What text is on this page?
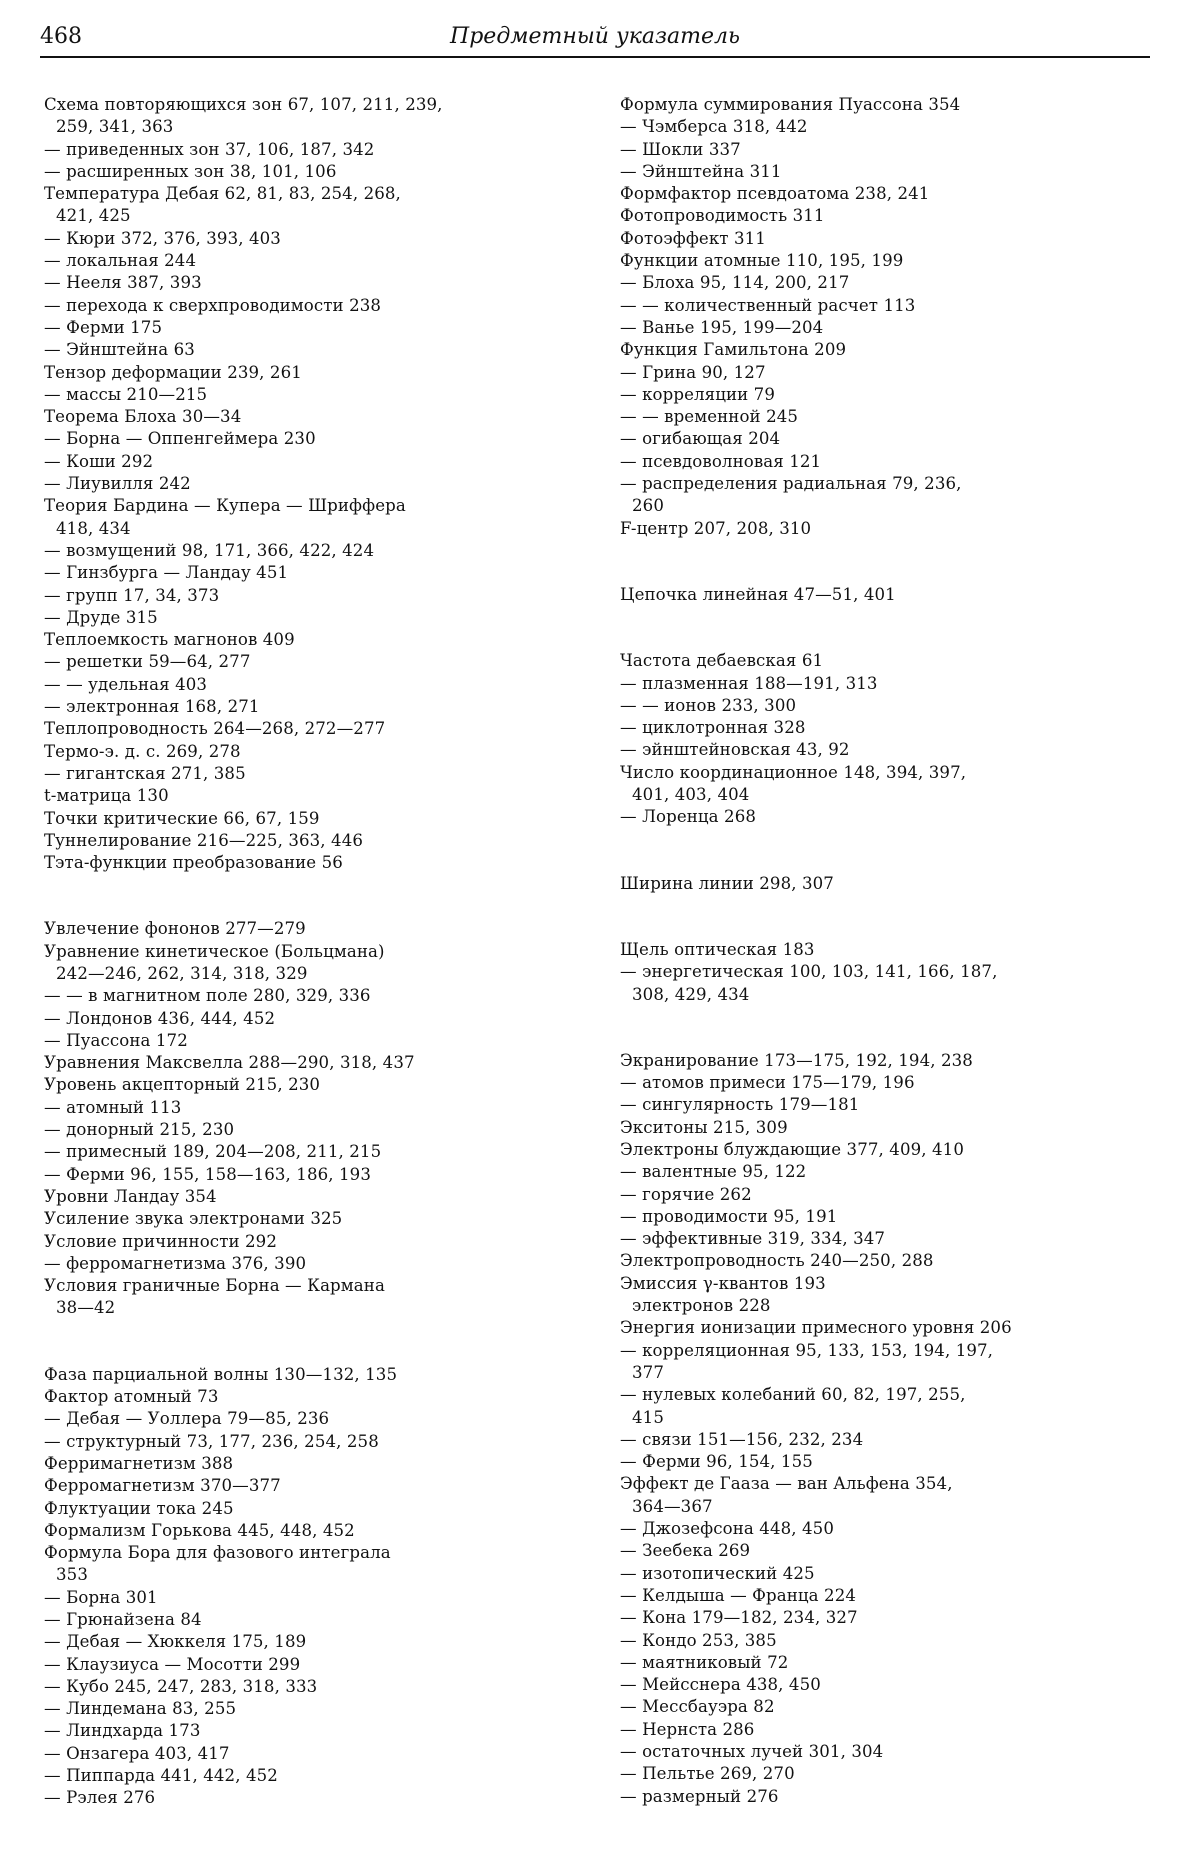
468	Предметный указатель
Схема повторяющихся зон 67, 107, 211, 239,
259, 341, 363
— приведенных зон 37, 106, 187, 342
— расширенных зон 38, 101, 106
Температура Дебая 62, 81, 83, 254, 268,
421, 425
— Кюри 372, 376, 393, 403
— локальная 244
— Нееля 387, 393
— перехода к сверхпроводимости 238
— Ферми 175
— Эйнштейна 63
Тензор деформации 239, 261
— массы 210—215
Теорема Блоха 30—34
— Борна — Оппенгеймера 230
— Коши 292
— Лиувилля 242
Теория Бардина — Купера — Шриффера
418, 434
— возмущений 98, 171, 366, 422, 424
— Гинзбурга — Ландау 451
— групп 17, 34, 373
— Друде 315
Теплоемкость магнонов 409
— решетки 59—64, 277
— — удельная 403
— электронная 168, 271
Теплопроводность 264—268, 272—277
Термо-э. д. с. 269, 278
— гигантская 271, 385
t-матрица 130
Точки критические 66, 67, 159
Туннелирование 216—225, 363, 446
Тэта-функции преобразование 56
Увлечение фононов 277—279
Уравнение кинетическое (Больцмана)
242—246, 262, 314, 318, 329
— — в магнитном поле 280, 329, 336
— Лондонов 436, 444, 452
— Пуассона 172
Уравнения Максвелла 288—290, 318, 437
Уровень акцепторный 215, 230
— атомный 113
— донорный 215, 230
— примесный 189, 204—208, 211, 215
— Ферми 96, 155, 158—163, 186, 193
Уровни Ландау 354
Усиление звука электронами 325
Условие причинности 292
— ферромагнетизма 376, 390
Условия граничные Борна — Кармана
38—42
Фаза парциальной волны 130—132, 135
Фактор атомный 73
— Дебая — Уоллера 79—85, 236
— структурный 73, 177, 236, 254, 258
Ферримагнетизм 388
Ферромагнетизм 370—377
Флуктуации тока 245
Формализм Горькова 445, 448, 452
Формула Бора для фазового интеграла
353
— Борна 301
— Грюнайзена 84
— Дебая — Хюккеля 175, 189
— Клаузиуса — Мосотти 299
— Кубо 245, 247, 283, 318, 333
— Линдемана 83, 255
— Линдхарда 173
— Онзагера 403, 417
— Пиппарда 441, 442, 452
— Рэлея 276
Формула суммирования Пуассона 354
— Чэмберса 318, 442
— Шокли 337
— Эйнштейна 311
Формфактор псевдоатома 238, 241
Фотопроводимость 311
Фотоэффект 311
Функции атомные 110, 195, 199
— Блоха 95, 114, 200, 217
— — количественный расчет 113
— Ванье 195, 199—204
Функция Гамильтона 209
— Грина 90, 127
— корреляции 79
— — временной 245
— огибающая 204
— псевдоволновая 121
— распределения радиальная 79, 236,
260
F-центр 207, 208, 310
Цепочка линейная 47—51, 401
Частота дебаевская 61
— плазменная 188—191, 313
— — ионов 233, 300
— циклотронная 328
— эйнштейновская 43, 92
Число координационное 148, 394, 397,
401, 403, 404
— Лоренца 268
Ширина линии 298, 307
Щель оптическая 183
— энергетическая 100, 103, 141, 166, 187,
308, 429, 434
Экранирование 173—175, 192, 194, 238
— атомов примеси 175—179, 196
— сингулярность 179—181
Экситоны 215, 309
Электроны блуждающие 377, 409, 410
— валентные 95, 122
— горячие 262
— проводимости 95, 191
— эффективные 319, 334, 347
Электропроводность 240—250, 288
Эмиссия γ-квантов 193
электронов 228
Энергия ионизации примесного уровня 206
— корреляционная 95, 133, 153, 194, 197,
377
— нулевых колебаний 60, 82, 197, 255,
415
— связи 151—156, 232, 234
— Ферми 96, 154, 155
Эффект де Гааза — ван Альфена 354,
364—367
— Джозефсона 448, 450
— Зеебека 269
— изотопический 425
— Келдыша — Франца 224
— Кона 179—182, 234, 327
— Кондо 253, 385
— маятниковый 72
— Мейсснера 438, 450
— Мессбауэра 82
— Нернста 286
— остаточных лучей 301, 304
— Пельтье 269, 270
— размерный 276
